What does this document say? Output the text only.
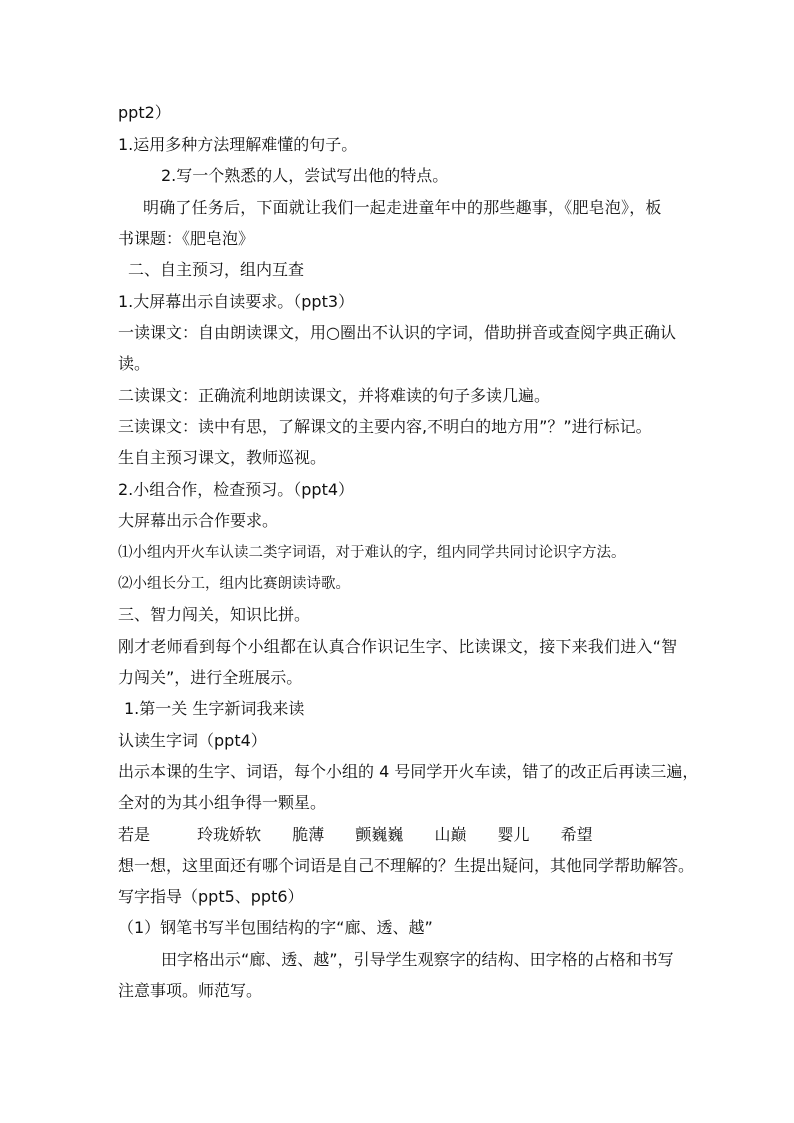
ppt2）
1.运用多种方法理解难懂的句子。
2.写一个熟悉的人，尝试写出他的特点。
明确了任务后，下面就让我们一起走进童年中的那些趣事，《肥皂泡》，板
书课题：《肥皂泡》
二、自主预习，组内互查
1.大屏幕出示自读要求。（ppt3）
一读课文：自由朗读课文，用○圈出不认识的字词，借助拼音或查阅字典正确认
读。
二读课文：正确流利地朗读课文，并将难读的句子多读几遍。
三读课文：读中有思，了解课文的主要内容,不明白的地方用”？”进行标记。
生自主预习课文，教师巡视。
2.小组合作，检查预习。（ppt4）
大屏幕出示合作要求。
⑴小组内开火车认读二类字词语，对于难认的字，组内同学共同讨论识字方法。
⑵小组长分工，组内比赛朗读诗歌。
三、智力闯关，知识比拼。
刚才老师看到每个小组都在认真合作识记生字、比读课文，接下来我们进入“智
力闯关”，进行全班展示。
1.第一关 生字新词我来读
认读生字词（ppt4）
出示本课的生字、词语，每个小组的 4 号同学开火车读，错了的改正后再读三遍，
全对的为其小组争得一颗星。
若是	玲珑娇软 脆薄 颤巍巍 山巅 婴儿 希望
想一想，这里面还有哪个词语是自己不理解的？生提出疑问，其他同学帮助解答。
写字指导（ppt5、ppt6）
（1）钢笔书写半包围结构的字“廊、透、越”
田字格出示“廊、透、越”，引导学生观察字的结构、田字格的占格和书写
注意事项。师范写。
